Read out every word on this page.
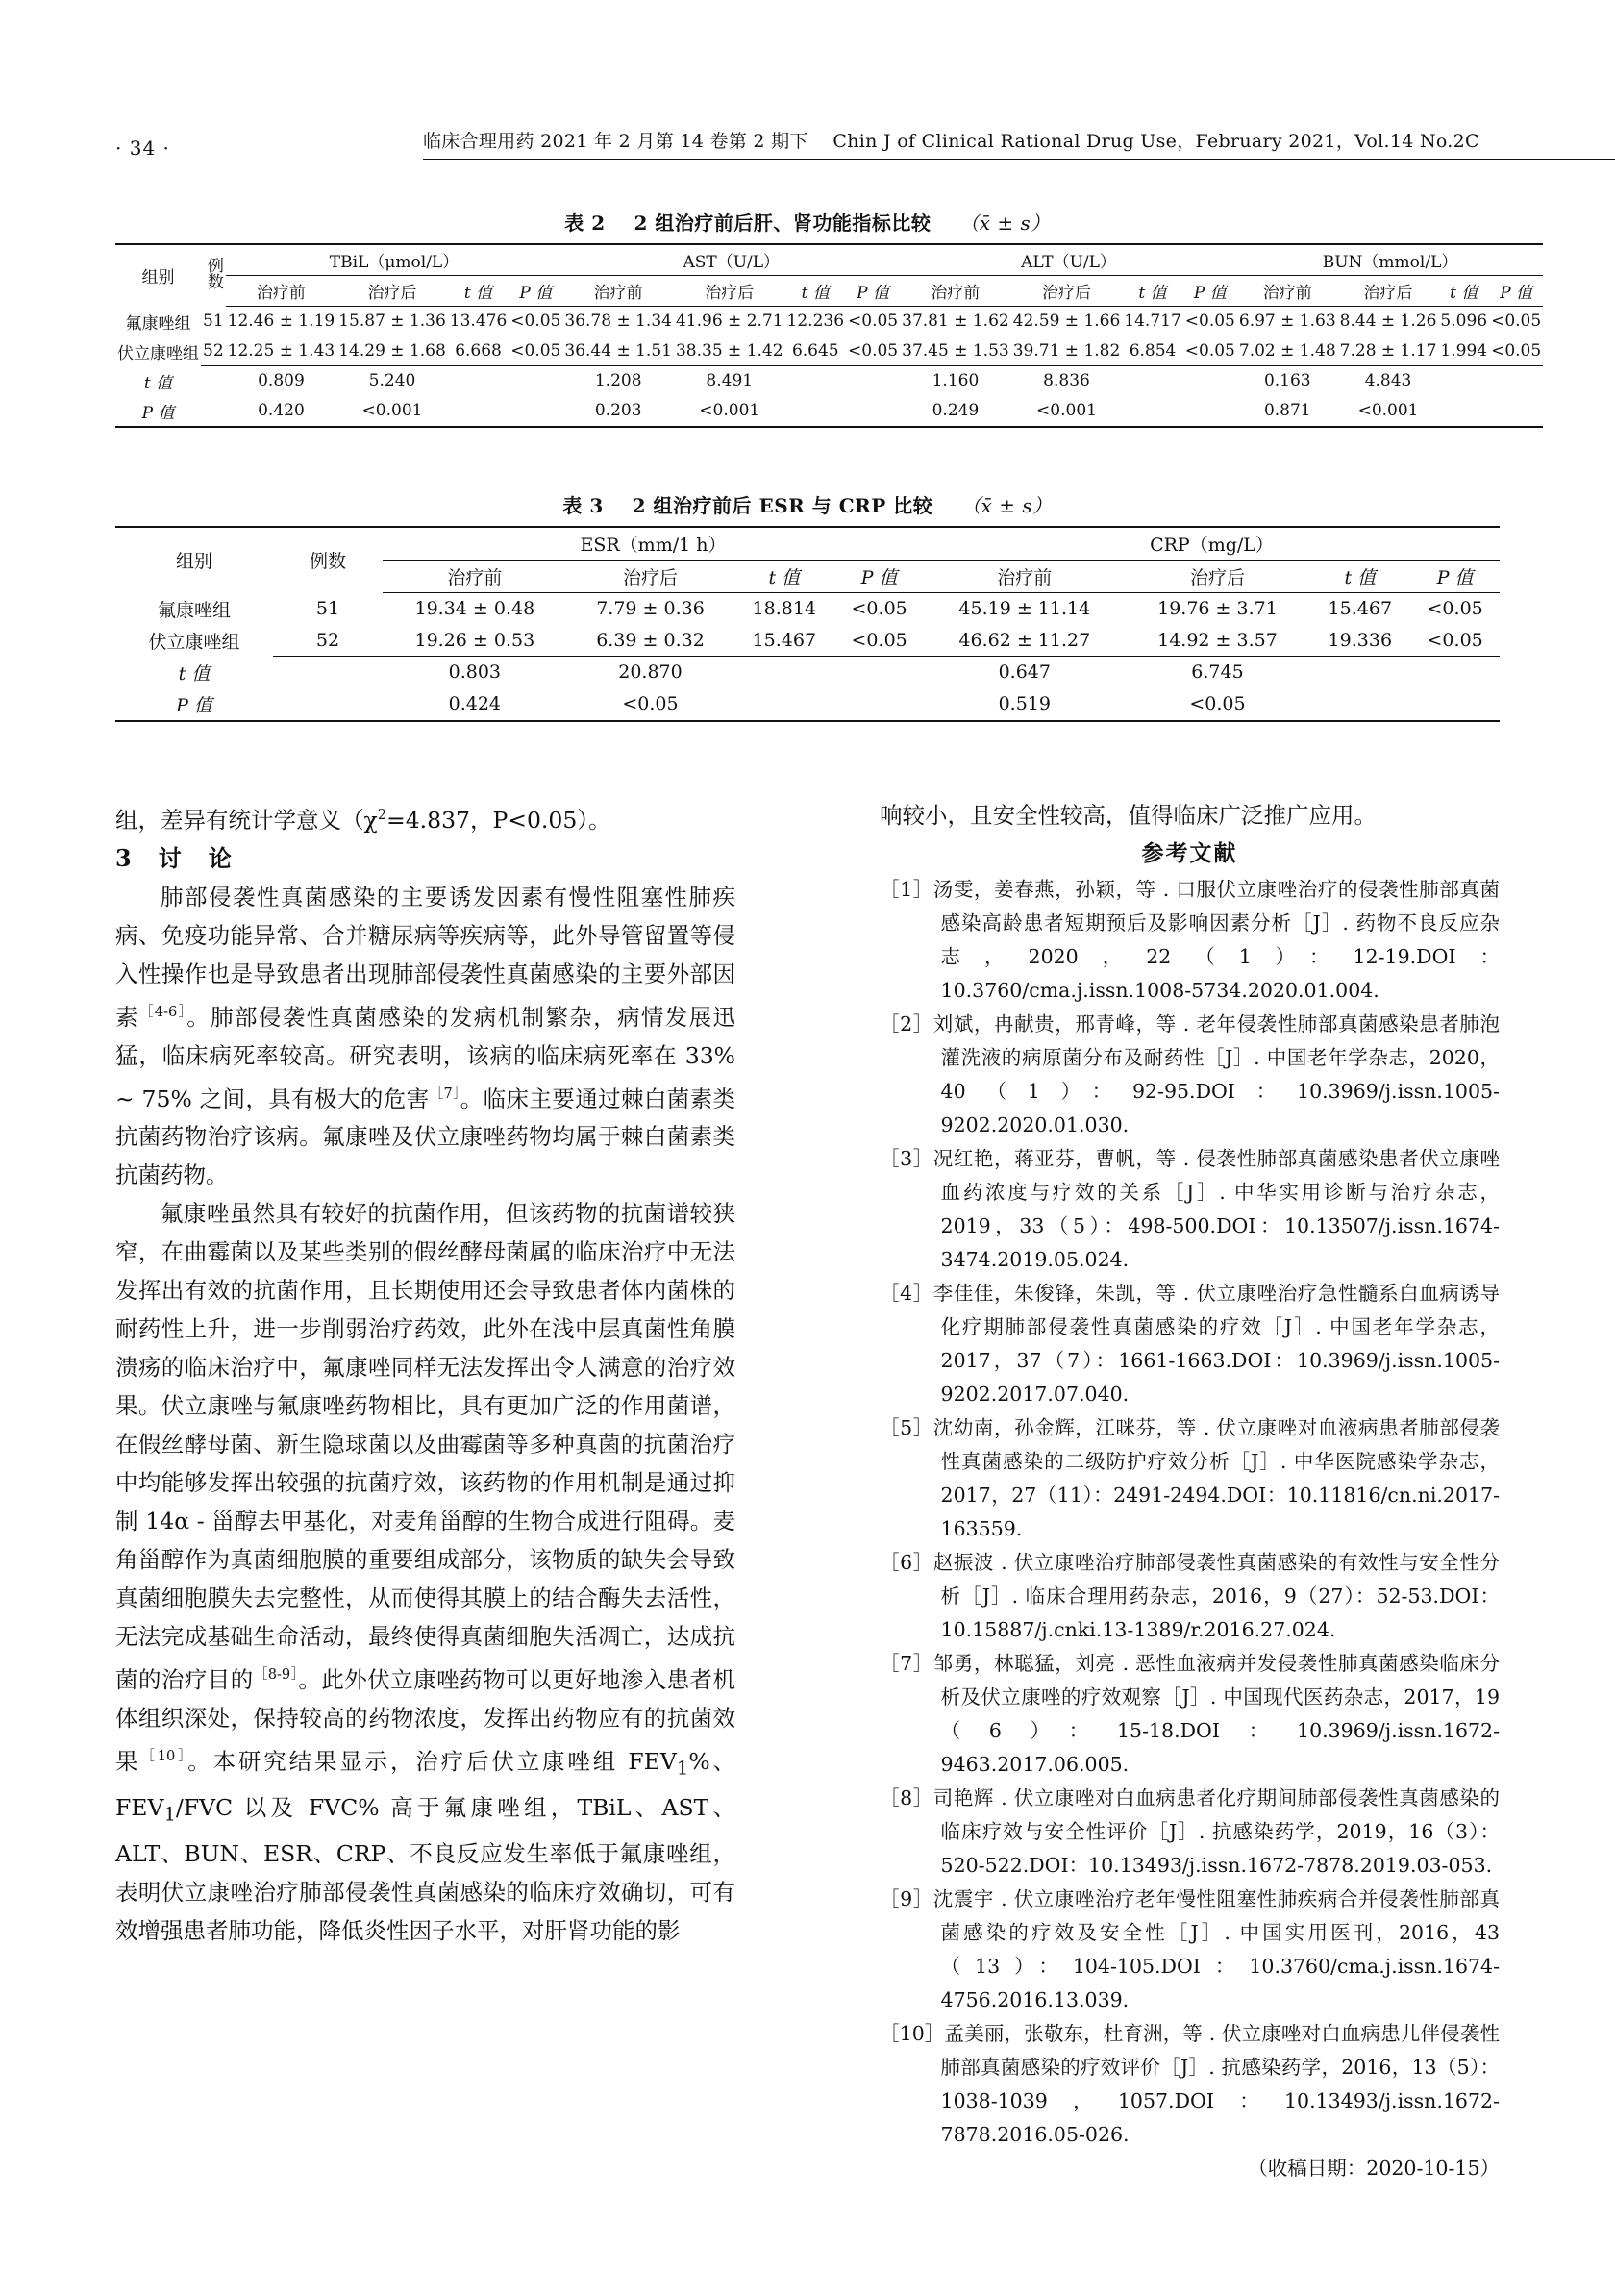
· 34 ·	临床合理用药 2021 年 2 月第 14 卷第 2 期下　 Chin J of Clinical Rational Drug Use，February 2021，Vol.14 No.2C
表 2 2 组治疗前后肝、肾功能指标比较 （x̄ ± s）
组别	例数	TBiL（μmol/L）				AST（U/L）				ALT（U/L）				BUN（mmol/L）			
		治疗前	治疗后	t 值	P 值	治疗前	治疗后	t 值	P 值	治疗前	治疗后	t 值	P 值	治疗前	治疗后	t 值	P 值
氟康唑组	51	12.46 ± 1.19	15.87 ± 1.36	13.476	<0.05	36.78 ± 1.34	41.96 ± 2.71	12.236	<0.05	37.81 ± 1.62	42.59 ± 1.66	14.717	<0.05	6.97 ± 1.63	8.44 ± 1.26	5.096	<0.05
伏立康唑组	52	12.25 ± 1.43	14.29 ± 1.68	6.668	<0.05	36.44 ± 1.51	38.35 ± 1.42	6.645	<0.05	37.45 ± 1.53	39.71 ± 1.82	6.854	<0.05	7.02 ± 1.48	7.28 ± 1.17	1.994	<0.05
t 值		0.809	5.240			1.208	8.491			1.160	8.836			0.163	4.843		
P 值		0.420	<0.001			0.203	<0.001			0.249	<0.001			0.871	<0.001		
表 3 2 组治疗前后 ESR 与 CRP 比较 （x̄ ± s）
组别	例数	ESR（mm/1 h）				CRP（mg/L）			
		治疗前	治疗后	t 值	P 值	治疗前	治疗后	t 值	P 值
氟康唑组	51	19.34 ± 0.48	7.79 ± 0.36	18.814	<0.05	45.19 ± 11.14	19.76 ± 3.71	15.467	<0.05
伏立康唑组	52	19.26 ± 0.53	6.39 ± 0.32	15.467	<0.05	46.62 ± 11.27	14.92 ± 3.57	19.336	<0.05
t 值		0.803	20.870			0.647	6.745		
P 值		0.424	<0.05			0.519	<0.05		

组，差异有统计学意义（$\chi^2=4.837$，P<0.05）。

3　讨　论

肺部侵袭性真菌感染的主要诱发因素有慢性阻塞性肺疾病、免疫功能异常、合并糖尿病等疾病等，此外导管留置等侵入性操作也是导致患者出现肺部侵袭性真菌感染的主要外部因素$^{[4-6]}$。肺部侵袭性真菌感染的发病机制繁杂，病情发展迅猛，临床病死率较高。研究表明，该病的临床病死率在 33% ~ 75% 之间，具有极大的危害$^{[7]}$。临床主要通过棘白菌素类抗菌药物治疗该病。氟康唑及伏立康唑药物均属于棘白菌素类抗菌药物。

氟康唑虽然具有较好的抗菌作用，但该药物的抗菌谱较狭窄，在曲霉菌以及某些类别的假丝酵母菌属的临床治疗中无法发挥出有效的抗菌作用，且长期使用还会导致患者体内菌株的耐药性上升，进一步削弱治疗药效，此外在浅中层真菌性角膜溃疡的临床治疗中，氟康唑同样无法发挥出令人满意的治疗效果。伏立康唑与氟康唑药物相比，具有更加广泛的作用菌谱，在假丝酵母菌、新生隐球菌以及曲霉菌等多种真菌的抗菌治疗中均能够发挥出较强的抗菌疗效，该药物的作用机制是通过抑制 14α - 甾醇去甲基化，对麦角甾醇的生物合成进行阻碍。麦角甾醇作为真菌细胞膜的重要组成部分，该物质的缺失会导致真菌细胞膜失去完整性，从而使得其膜上的结合酶失去活性，无法完成基础生命活动，最终使得真菌细胞失活凋亡，达成抗菌的治疗目的$^{[8-9]}$。此外伏立康唑药物可以更好地渗入患者机体组织深处，保持较高的药物浓度，发挥出药物应有的抗菌效果$^{[10]}$。本研究结果显示，治疗后伏立康唑组 $FEV_1\%$、$FEV_1$/FVC 以及 FVC% 高于氟康唑组，TBiL、AST、ALT、BUN、ESR、CRP、不良反应发生率低于氟康唑组，表明伏立康唑治疗肺部侵袭性真菌感染的临床疗效确切，可有效增强患者肺功能，降低炎性因子水平，对肝肾功能的影

响较小，且安全性较高，值得临床广泛推广应用。

参考文献

［1］汤雯，姜春燕，孙颖，等 . 口服伏立康唑治疗的侵袭性肺部真菌感染高龄患者短期预后及影响因素分析［J］. 药物不良反应杂志，2020，22（1）：12-19.DOI：10.3760/cma.j.issn.1008-5734.2020.01.004.

［2］刘斌，冉献贵，邢青峰，等 . 老年侵袭性肺部真菌感染患者肺泡灌洗液的病原菌分布及耐药性［J］. 中国老年学杂志，2020，40（1）：92-95.DOI：10.3969/j.issn.1005-9202.2020.01.030.

［3］况红艳，蒋亚芬，曹帆，等 . 侵袭性肺部真菌感染患者伏立康唑血药浓度与疗效的关系［J］. 中华实用诊断与治疗杂志，2019，33（5）：498-500.DOI：10.13507/j.issn.1674-3474.2019.05.024.

［4］李佳佳，朱俊锋，朱凯，等 . 伏立康唑治疗急性髓系白血病诱导化疗期肺部侵袭性真菌感染的疗效［J］. 中国老年学杂志，2017，37（7）：1661-1663.DOI：10.3969/j.issn.1005-9202.2017.07.040.

［5］沈幼南，孙金辉，江咪芬，等 . 伏立康唑对血液病患者肺部侵袭性真菌感染的二级防护疗效分析［J］. 中华医院感染学杂志，2017，27（11）：2491-2494.DOI：10.11816/cn.ni.2017-163559.

［6］赵振波 . 伏立康唑治疗肺部侵袭性真菌感染的有效性与安全性分析［J］. 临床合理用药杂志，2016，9（27）：52-53.DOI：10.15887/j.cnki.13-1389/r.2016.27.024.

［7］邹勇，林聪猛，刘亮 . 恶性血液病并发侵袭性肺真菌感染临床分析及伏立康唑的疗效观察［J］. 中国现代医药杂志，2017，19（6）：15-18.DOI：10.3969/j.issn.1672-9463.2017.06.005.

［8］司艳辉 . 伏立康唑对白血病患者化疗期间肺部侵袭性真菌感染的临床疗效与安全性评价［J］. 抗感染药学，2019，16（3）：520-522.DOI：10.13493/j.issn.1672-7878.2019.03-053.

［9］沈震宇 . 伏立康唑治疗老年慢性阻塞性肺疾病合并侵袭性肺部真菌感染的疗效及安全性［J］. 中国实用医刊，2016，43（13）：104-105.DOI：10.3760/cma.j.issn.1674-4756.2016.13.039.

［10］孟美丽，张敬东，杜育洲，等 . 伏立康唑对白血病患儿伴侵袭性肺部真菌感染的疗效评价［J］. 抗感染药学，2016，13（5）：1038-1039，1057.DOI：10.13493/j.issn.1672-7878.2016.05-026.

（收稿日期：2020-10-15）
